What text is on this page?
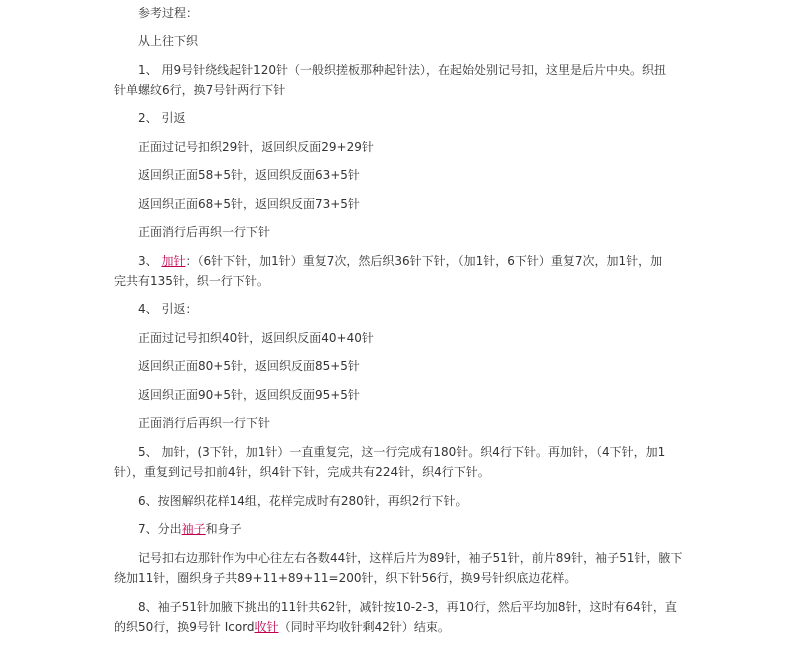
参考过程：
从上往下织
1、 用9号针绕线起针120针（一般织搓板那种起针法），在起始处别记号扣，这里是后片中央。织扭
针单螺纹6行，换7号针两行下针
2、 引返
正面过记号扣织29针，返回织反面29+29针
返回织正面58+5针，返回织反面63+5针
返回织正面68+5针，返回织反面73+5针
正面消行后再织一行下针
3、 加针：（6针下针，加1针）重复7次，然后织36针下针，（加1针，6下针）重复7次，加1针，加
完共有135针，织一行下针。
4、 引返：
正面过记号扣织40针，返回织反面40+40针
返回织正面80+5针，返回织反面85+5针
返回织正面90+5针，返回织反面95+5针
正面消行后再织一行下针
5、 加针，(3下针，加1针）一直重复完，这一行完成有180针。织4行下针。再加针，（4下针，加1
针），重复到记号扣前4针，织4针下针，完成共有224针，织4行下针。
6、按图解织花样14组，花样完成时有280针，再织2行下针。
7、分出袖子和身子
记号扣右边那针作为中心往左右各数44针，这样后片为89针，袖子51针，前片89针，袖子51针，腋下
绕加11针，圈织身子共89+11+89+11=200针，织下针56行，换9号针织底边花样。
8、袖子51针加腋下挑出的11针共62针，减针按10-2-3，再10行，然后平均加8针，这时有64针，直
的织50行，换9号针 Icord收针（同时平均收针剩42针）结束。
